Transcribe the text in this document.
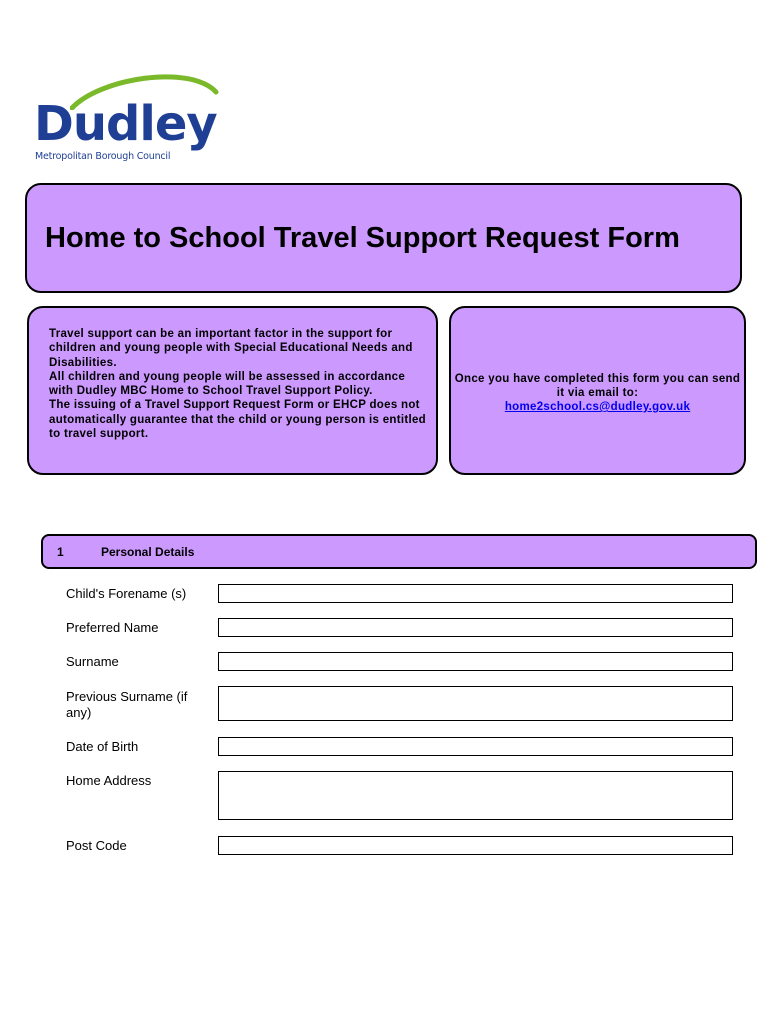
Dudley
Metropolitan Borough Council
Home to School Travel Support Request Form

Travel support can be an important factor in the support for children and young people with Special Educational Needs and Disabilities.

All children and young people will be assessed in accordance with Dudley MBC Home to School Travel Support Policy.

The issuing of a Travel Support Request Form or EHCP does not automatically guarantee that the child or young person is entitled to travel support.

Once you have completed this form you can send it via email to:
home2school.cs@dudley.gov.uk
1	Personal Details
Child's Forename (s)
Preferred Name
Surname
Previous Surname (if any)
Date of Birth
Home Address
Post Code
